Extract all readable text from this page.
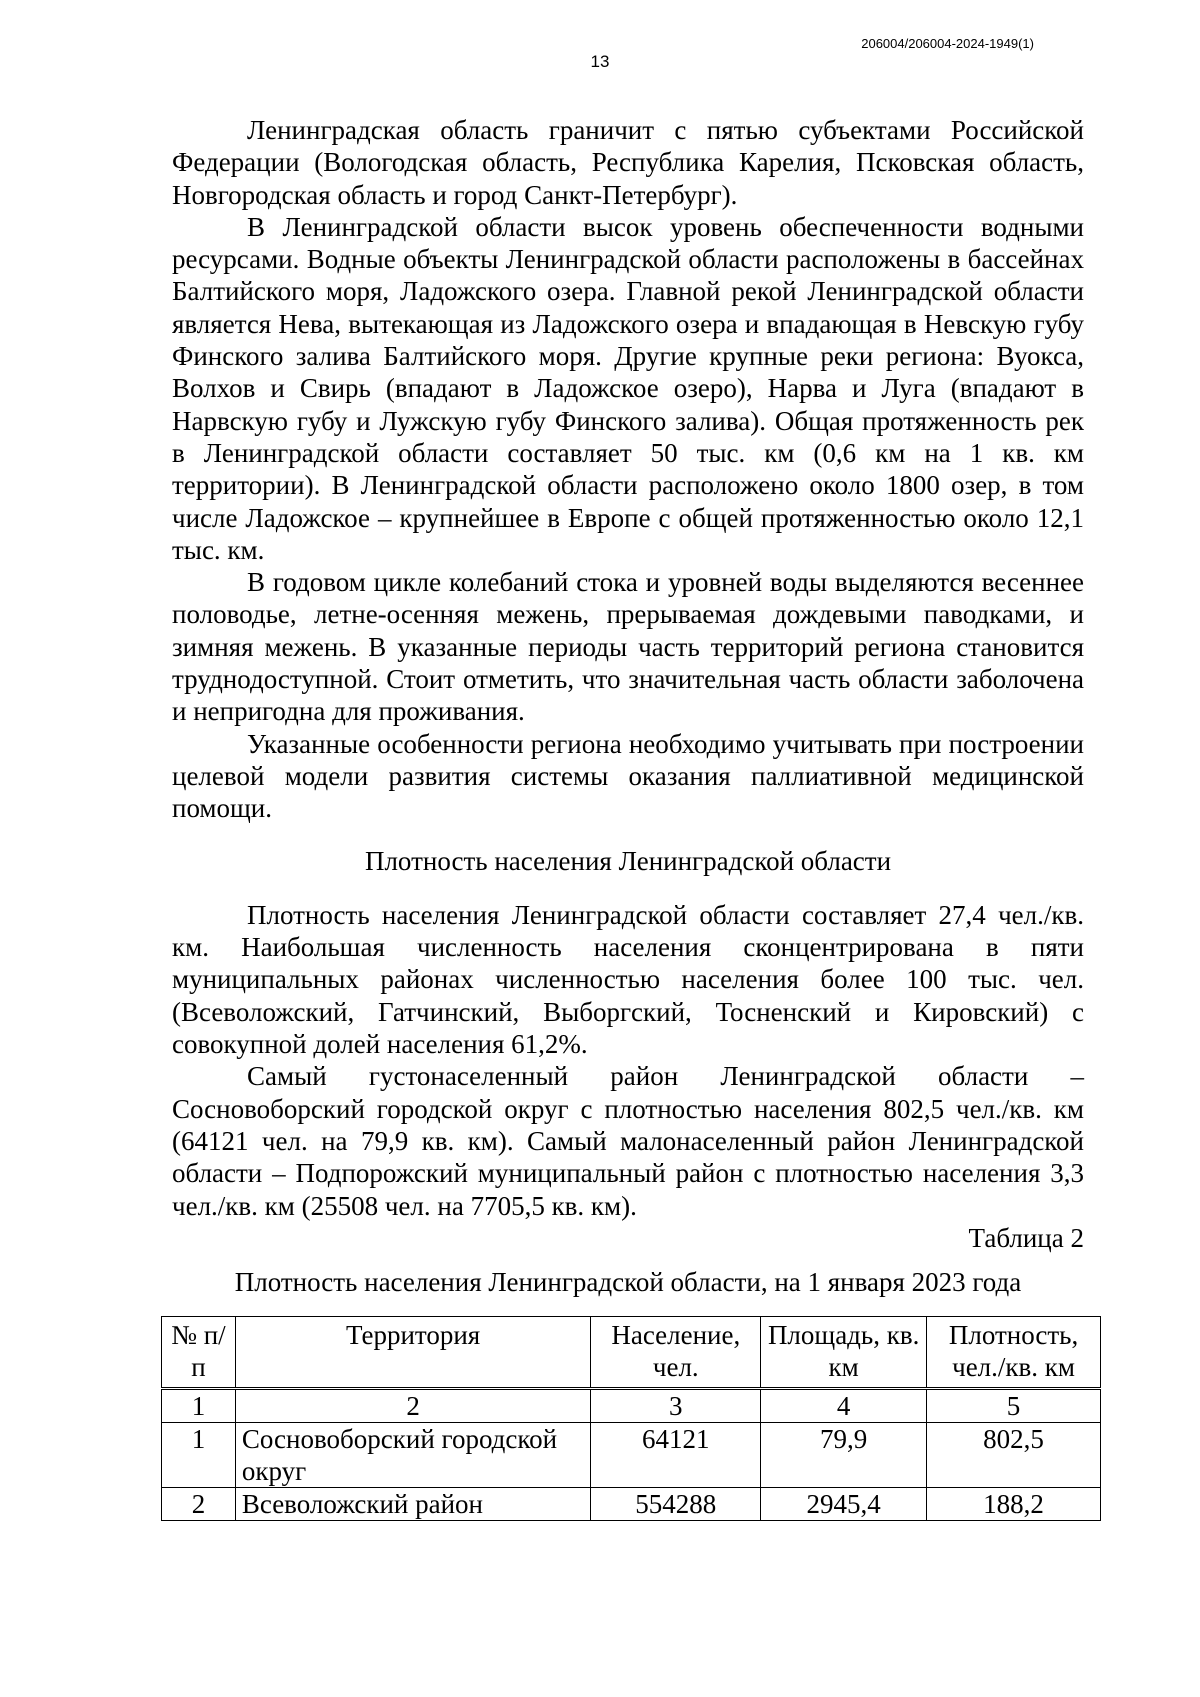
206004/206004-2024-1949(1)
13

Ленинградская область граничит с пятью субъектами Российской Федерации (Вологодская область, Республика Карелия, Псковская область, Новгородская область и город Санкт-Петербург).

В Ленинградской области высок уровень обеспеченности водными ресурсами. Водные объекты Ленинградской области расположены в бассейнах Балтийского моря, Ладожского озера. Главной рекой Ленинградской области является Нева, вытекающая из Ладожского озера и впадающая в Невскую губу Финского залива Балтийского моря. Другие крупные реки региона: Вуокса, Волхов и Свирь (впадают в Ладожское озеро), Нарва и Луга (впадают в Нарвскую губу и Лужскую губу Финского залива). Общая протяженность рек в Ленинградской области составляет 50 тыс. км (0,6 км на 1 кв. км территории). В Ленинградской области расположено около 1800 озер, в том числе Ладожское – крупнейшее в Европе с общей протяженностью около 12,1 тыс. км.

В годовом цикле колебаний стока и уровней воды выделяются весеннее половодье, летне-осенняя межень, прерываемая дождевыми паводками, и зимняя межень. В указанные периоды часть территорий региона становится труднодоступной. Стоит отметить, что значительная часть области заболочена и непригодна для проживания.

Указанные особенности региона необходимо учитывать при построении целевой модели развития системы оказания паллиативной медицинской помощи.

Плотность населения Ленинградской области

Плотность населения Ленинградской области составляет 27,4 чел./кв. км. Наибольшая численность населения сконцентрирована в пяти муниципальных районах численностью населения более 100 тыс. чел. (Всеволожский, Гатчинский, Выборгский, Тосненский и Кировский) с совокупной долей населения 61,2%.

Самый густонаселенный район Ленинградской области – Сосновоборский городской округ с плотностью населения 802,5 чел./кв. км (64121 чел. на 79,9 кв. км). Самый малонаселенный район Ленинградской области – Подпорожский муниципальный район с плотностью населения 3,3 чел./кв. км (25508 чел. на 7705,5 кв. км).

Таблица 2

Плотность населения Ленинградской области, на 1 января 2023 года

№ п/п	Территория	Население, чел.	Площадь, кв. км	Плотность, чел./кв. км
1	2	3	4	5
1	Сосновоборский городской округ	64121	79,9	802,5
2	Всеволожский район	554288	2945,4	188,2
